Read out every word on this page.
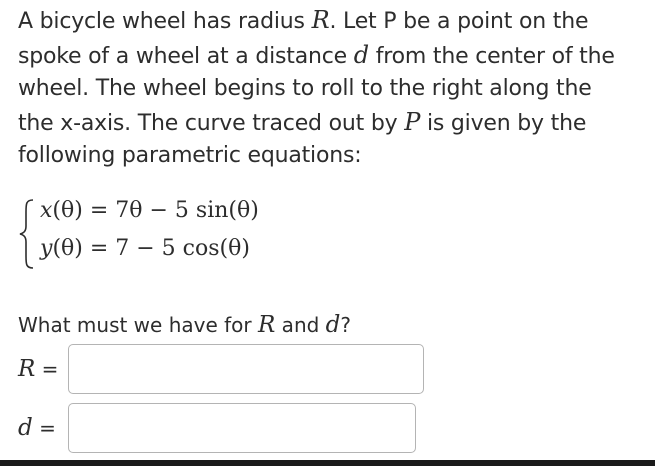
A bicycle wheel has radius R. Let P be a point on the
spoke of a wheel at a distance d from the center of the
wheel. The wheel begins to roll to the right along the
the x-axis. The curve traced out by P is given by the
following parametric equations:
x(θ) = 7θ − 5 sin(θ)
y(θ) = 7 − 5 cos(θ)
What must we have for R and d?
R =
d =
